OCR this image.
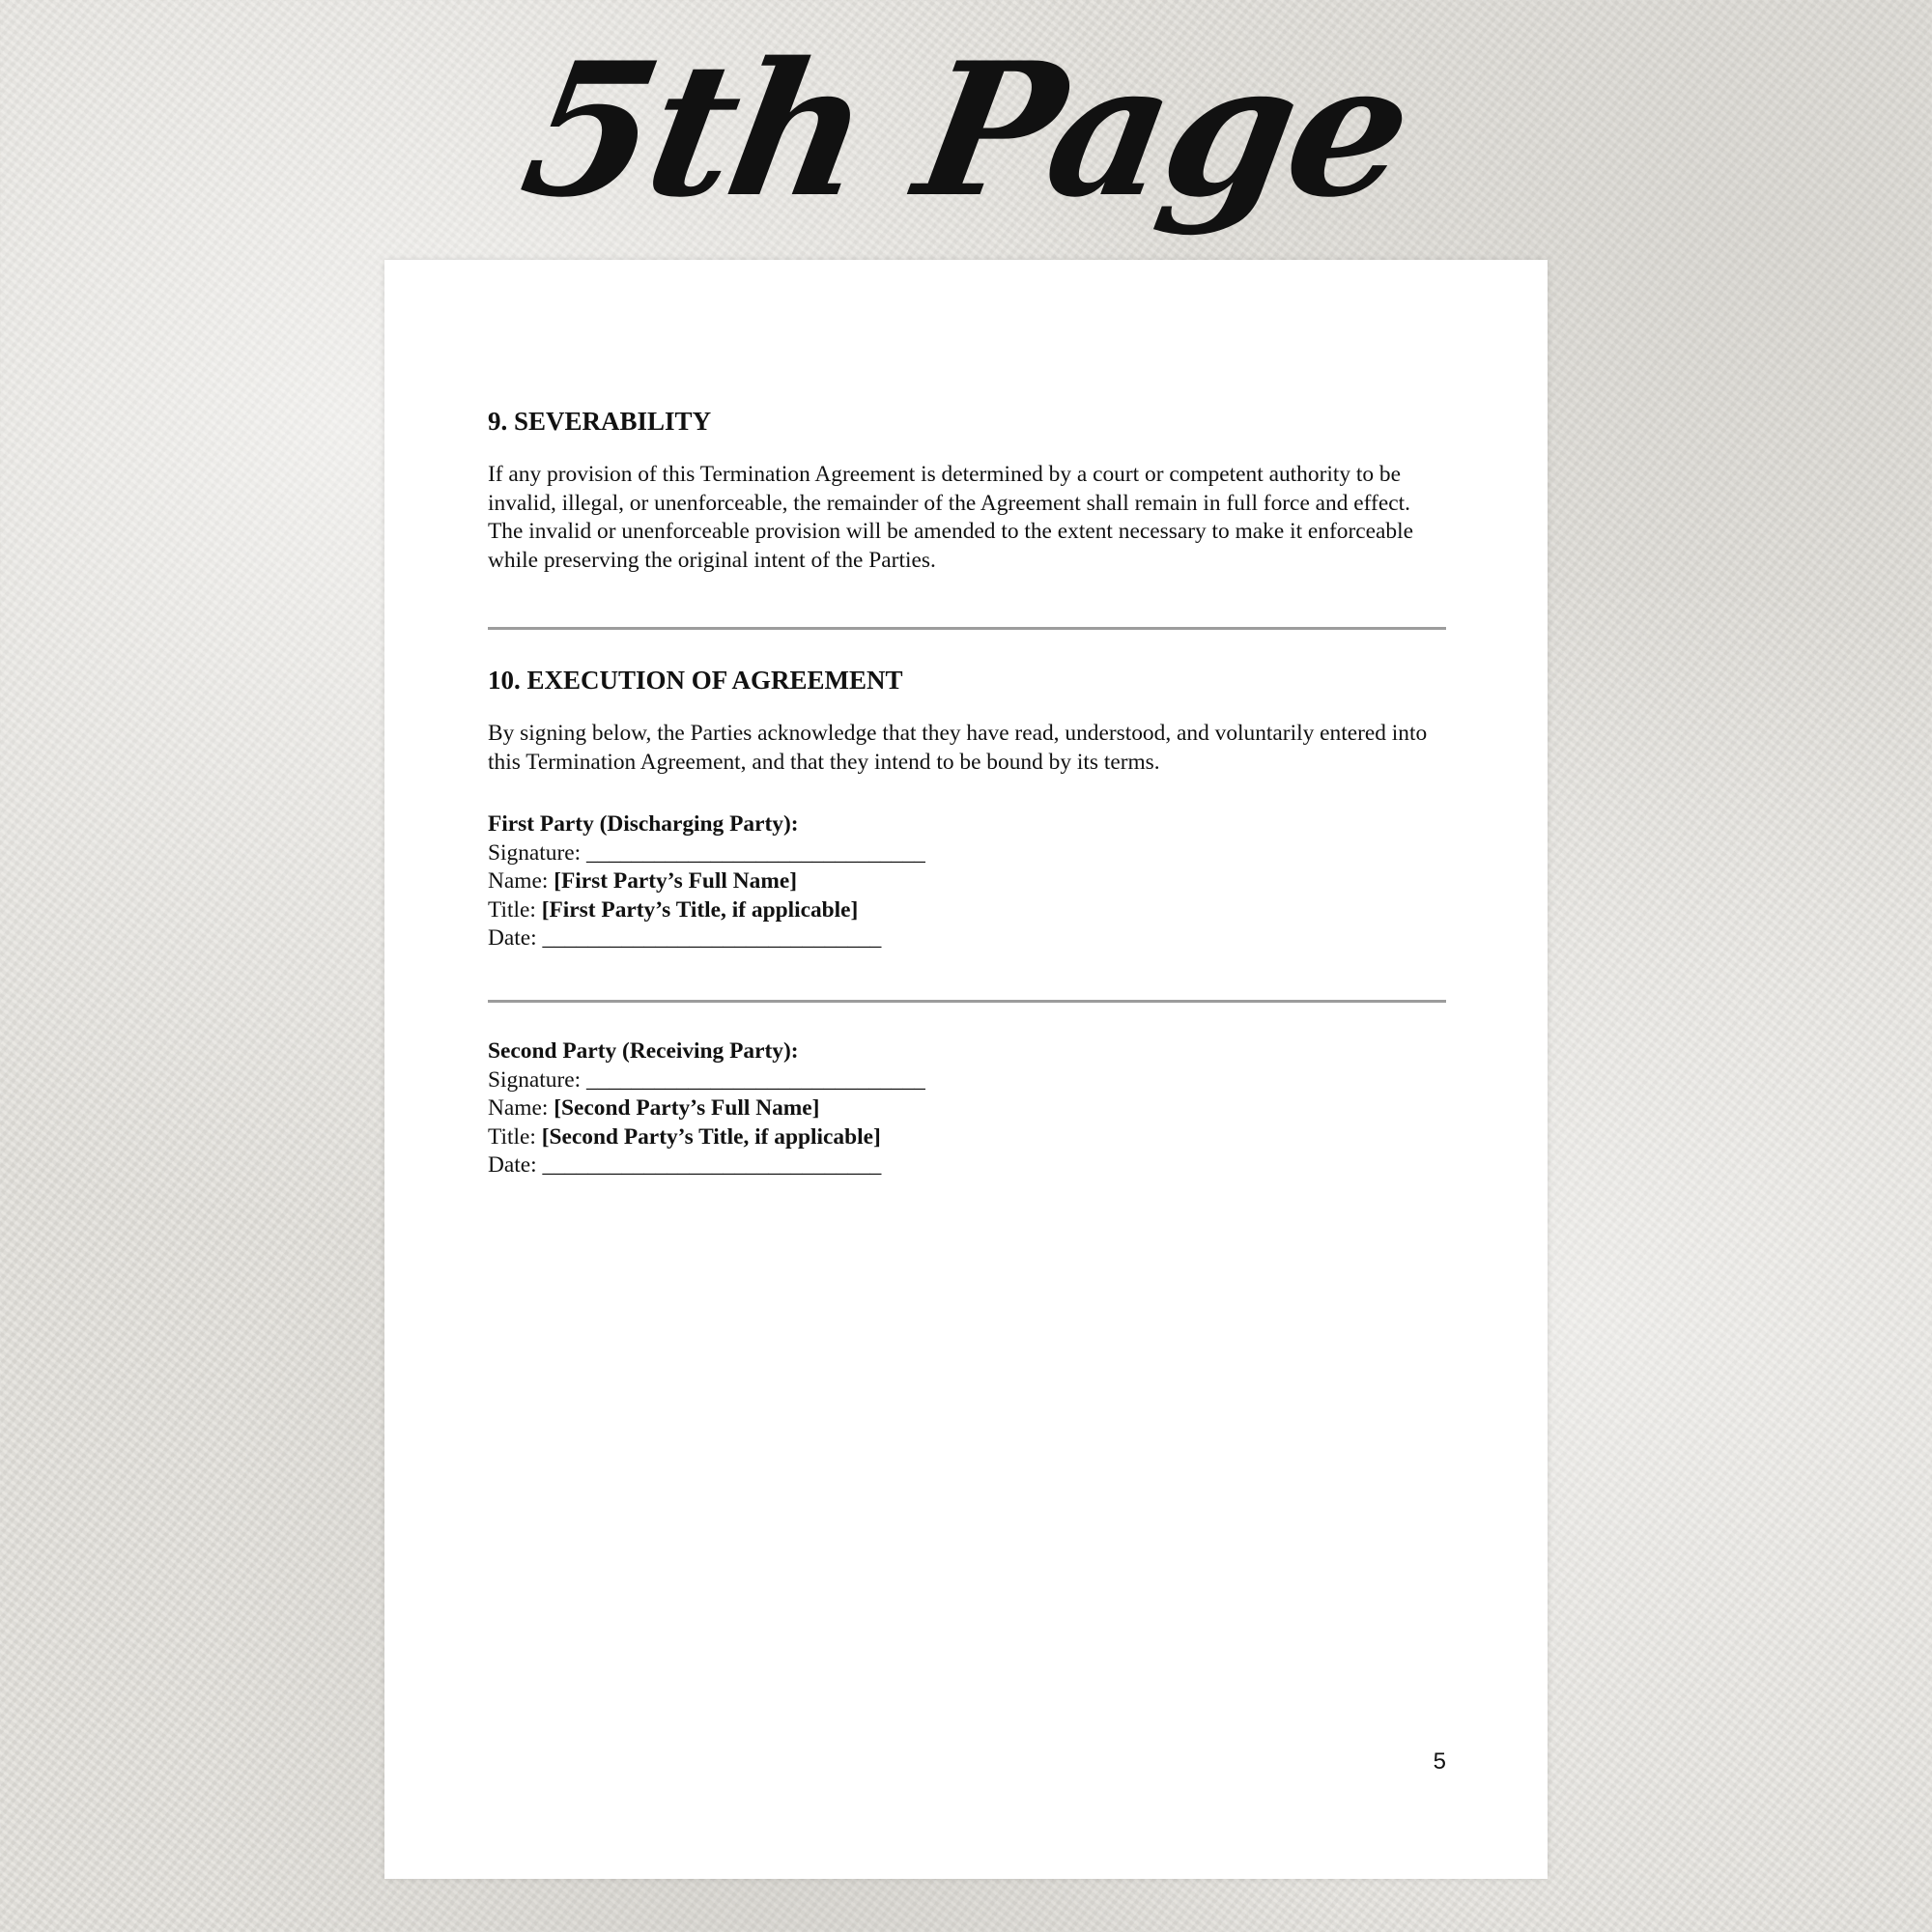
5th Page
9. SEVERABILITY

If any provision of this Termination Agreement is determined by a court or competent authority to be invalid, illegal, or unenforceable, the remainder of the Agreement shall remain in full force and effect. The invalid or unenforceable provision will be amended to the extent necessary to make it enforceable while preserving the original intent of the Parties.

10. EXECUTION OF AGREEMENT

By signing below, the Parties acknowledge that they have read, understood, and voluntarily entered into this Termination Agreement, and that they intend to be bound by its terms.

First Party (Discharging Party):

Signature: ______________________________

Name: [First Party’s Full Name]

Title: [First Party’s Title, if applicable]

Date: ______________________________

Second Party (Receiving Party):

Signature: ______________________________

Name: [Second Party’s Full Name]

Title: [Second Party’s Title, if applicable]

Date: ______________________________

5
